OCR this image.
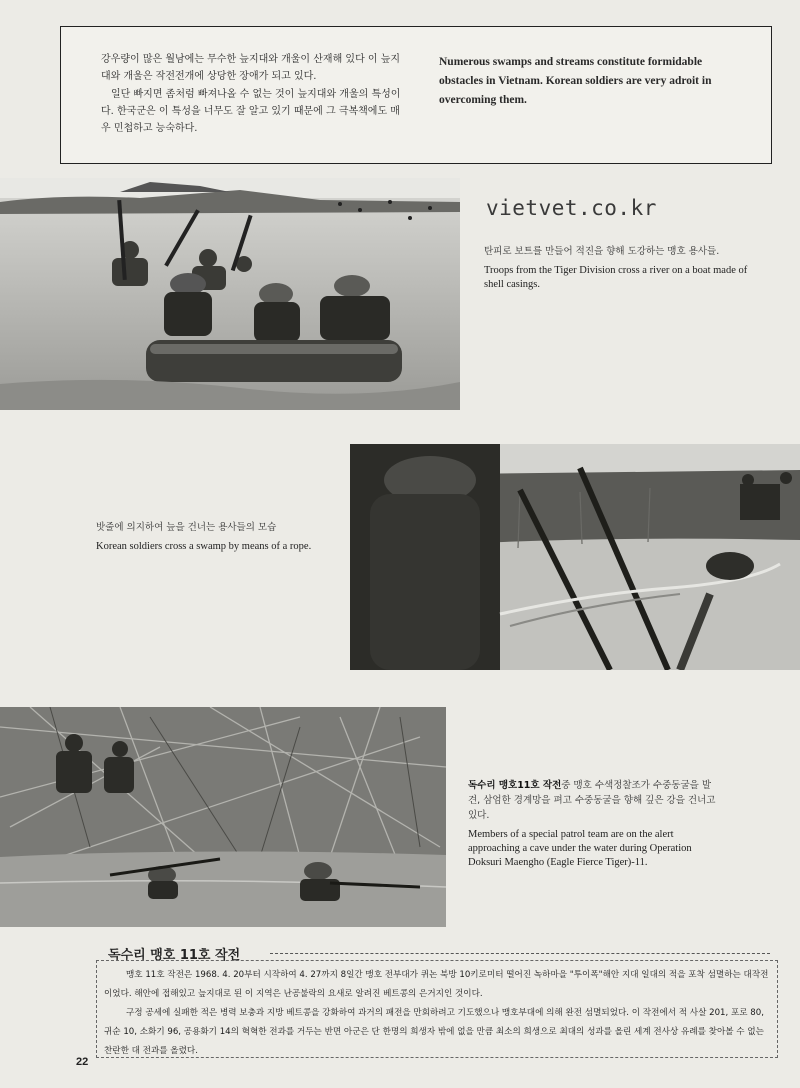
강우량이 많은 월남에는 무수한 늪지대와 개울이 산재해 있다 이 늪지대와 개울은 작전전개에 상당한 장애가 되고 있다.

일단 빠지면 좀처럼 빠져나올 수 없는 것이 늪지대와 개울의 특성이다. 한국군은 이 특성을 너무도 잘 알고 있기 때문에 그 극복책에도 매우 민첩하고 능숙하다.

Numerous swamps and streams constitute formidable obstacles in Vietnam. Korean soldiers are very adroit in overcoming them.
vietvet.co.kr
탄피로 보트를 만들어 적진을 향해 도강하는 맹호 용사들.
Troops from the Tiger Division cross a river on a boat made of shell casings.
밧줄에 의지하여 늪을 건너는 용사들의 모습
Korean soldiers cross a swamp by means of a rope.
독수리 맹호11호 작전중 맹호 수색정찰조가 수중동굴을 발견, 삼엄한 경계망을 펴고 수중동굴을 향해 깊은 강을 건너고 있다.
Members of a special patrol team are on the alert approaching a cave under the water during Operation Doksuri Maengho (Eagle Fierce Tiger)-11.
독수리 맹호 11호 작전

맹호 11호 작전은 1968. 4. 20부터 시작하여 4. 27까지 8일간 맹호 전부대가 퀴논 북방 10키로미터 떨어진 녹하마을 "투이폭"해안 지대 일대의 적을 포착 섬멸하는 대작전이었다. 해안에 접해있고 늪지대로 된 이 지역은 난공불락의 요새로 알려진 베트콩의 은거지인 것이다.

구정 공세에 실패한 적은 병력 보충과 지방 베트콩을 강화하여 과거의 패전을 만회하려고 기도했으나 맹호부대에 의해 완전 섬멸되었다. 이 작전에서 적 사살 201, 포로 80, 귀순 10, 소화기 96, 공용화기 14의 혁혁한 전과를 거두는 반면 아군은 단 한명의 희생자 밖에 없을 만큼 최소의 희생으로 최대의 성과를 올린 세계 전사상 유례를 찾아볼 수 없는 찬란한 대 전과를 올렸다.

22
